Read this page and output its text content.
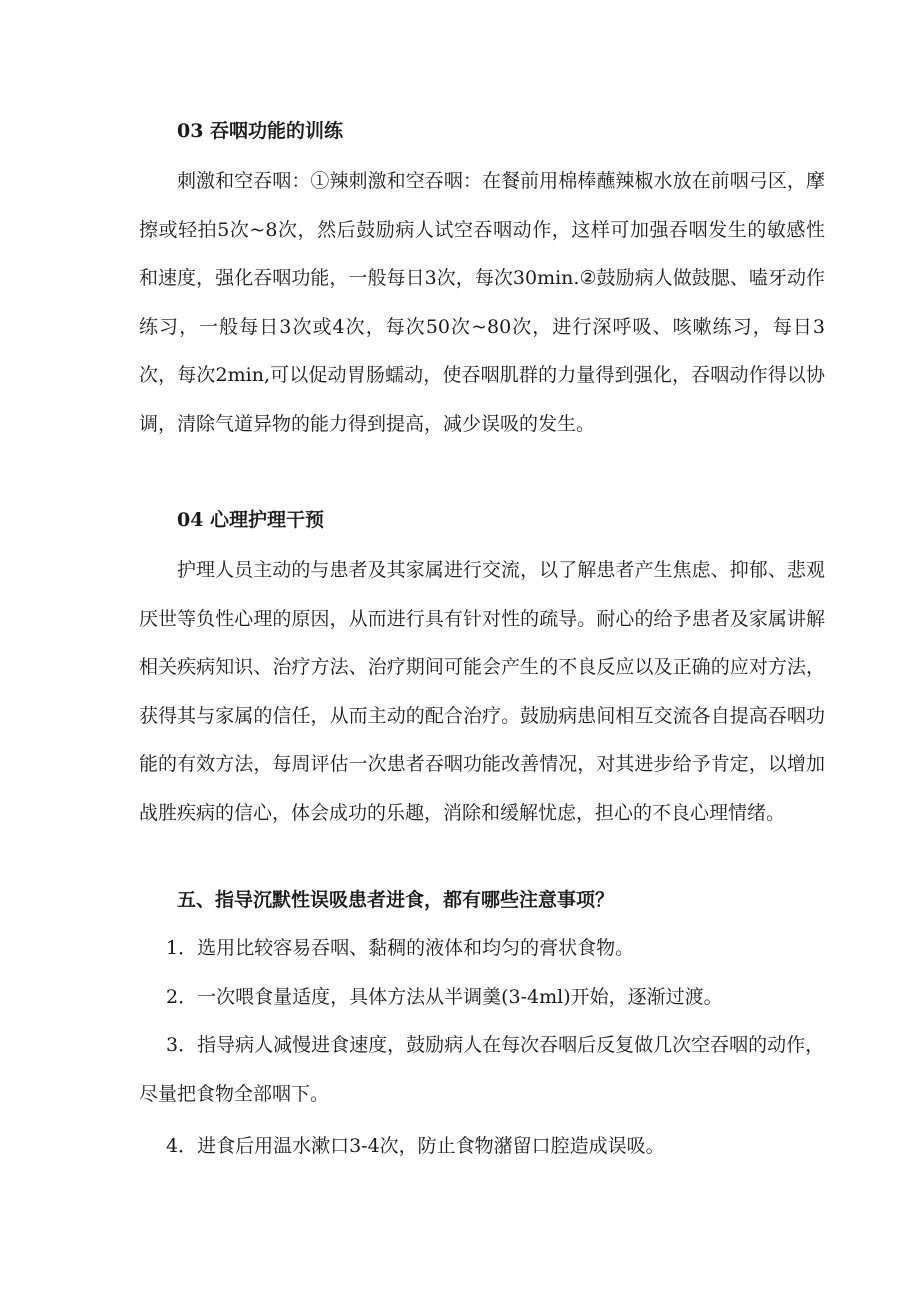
03 吞咽功能的训练

刺激和空吞咽：①辣刺激和空吞咽：在餐前用棉棒蘸辣椒水放在前咽弓区，摩擦或轻拍5次~8次，然后鼓励病人试空吞咽动作，这样可加强吞咽发生的敏感性和速度，强化吞咽功能，一般每日3次，每次30min.②鼓励病人做鼓腮、嗑牙动作练习，一般每日3次或4次，每次50次~80次，进行深呼吸、咳嗽练习，每日3次，每次2min,可以促动胃肠蠕动，使吞咽肌群的力量得到强化，吞咽动作得以协调，清除气道异物的能力得到提高，减少误吸的发生。

04 心理护理干预

护理人员主动的与患者及其家属进行交流，以了解患者产生焦虑、抑郁、悲观厌世等负性心理的原因，从而进行具有针对性的疏导。耐心的给予患者及家属讲解相关疾病知识、治疗方法、治疗期间可能会产生的不良反应以及正确的应对方法，获得其与家属的信任，从而主动的配合治疗。鼓励病患间相互交流各自提高吞咽功能的有效方法，每周评估一次患者吞咽功能改善情况，对其进步给予肯定，以增加战胜疾病的信心，体会成功的乐趣，消除和缓解忧虑，担心的不良心理情绪。

五、指导沉默性误吸患者进食，都有哪些注意事项？

1．选用比较容易吞咽、黏稠的液体和均匀的膏状食物。

2．一次喂食量适度，具体方法从半调羹(3-4ml)开始，逐渐过渡。

3．指导病人减慢进食速度，鼓励病人在每次吞咽后反复做几次空吞咽的动作，尽量把食物全部咽下。

4．进食后用温水漱口3-4次，防止食物潴留口腔造成误吸。
